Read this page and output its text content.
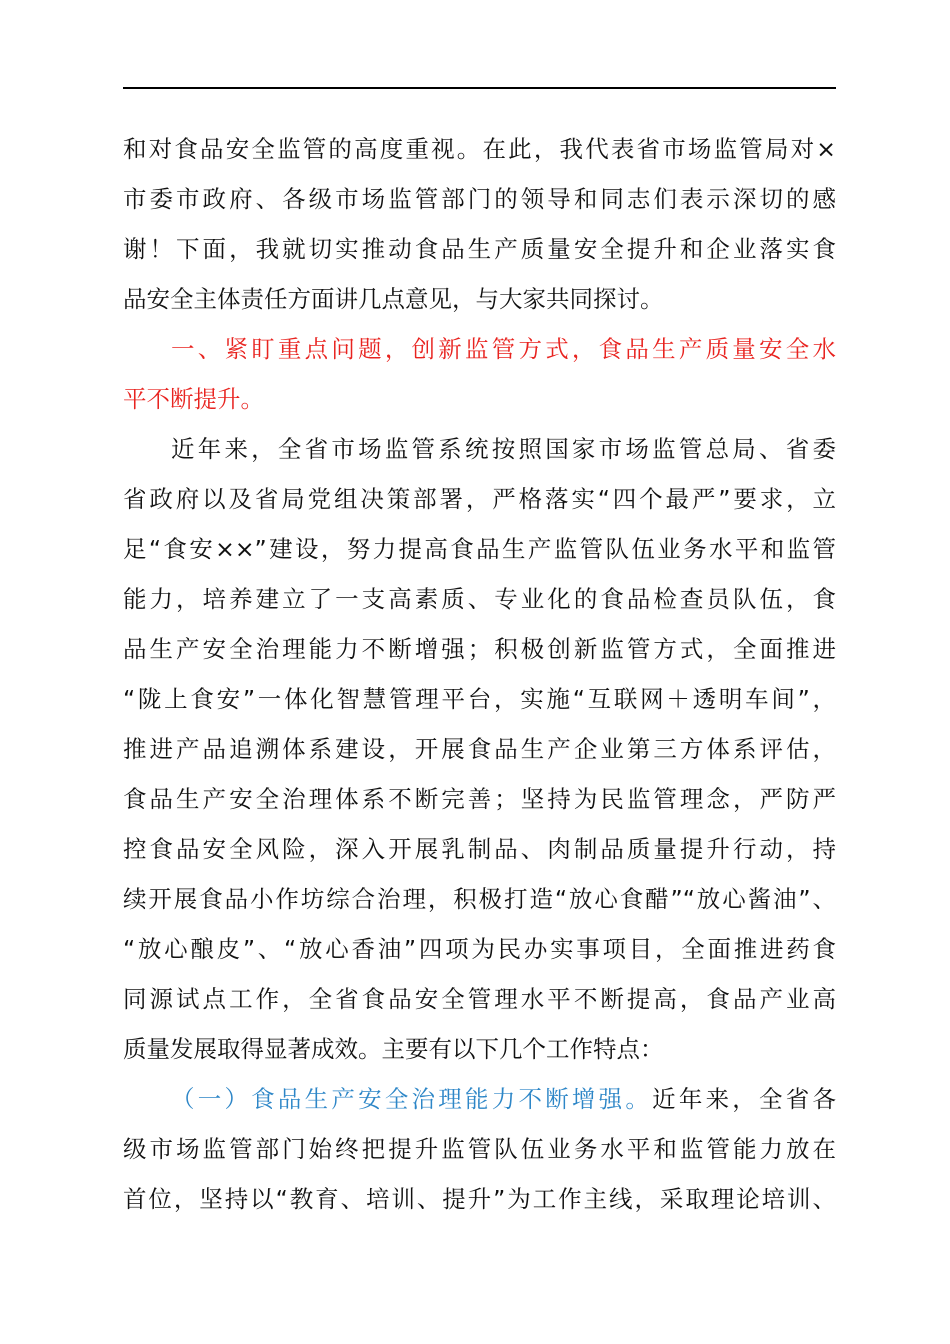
和对食品安全监管的高度重视。在此，我代表省市场监管局对×
市委市政府、各级市场监管部门的领导和同志们表示深切的感
谢！下面，我就切实推动食品生产质量安全提升和企业落实食
品安全主体责任方面讲几点意见，与大家共同探讨。
一、紧盯重点问题，创新监管方式，食品生产质量安全水
平不断提升。
近年来，全省市场监管系统按照国家市场监管总局、省委
省政府以及省局党组决策部署，严格落实“四个最严”要求，立
足“食安××”建设，努力提高食品生产监管队伍业务水平和监管
能力，培养建立了一支高素质、专业化的食品检查员队伍，食
品生产安全治理能力不断增强；积极创新监管方式，全面推进
“陇上食安”一体化智慧管理平台，实施“互联网＋透明车间”，
推进产品追溯体系建设，开展食品生产企业第三方体系评估，
食品生产安全治理体系不断完善；坚持为民监管理念，严防严
控食品安全风险，深入开展乳制品、肉制品质量提升行动，持
续开展食品小作坊综合治理，积极打造“放心食醋”“放心酱油”、
“放心酿皮”、“放心香油”四项为民办实事项目，全面推进药食
同源试点工作，全省食品安全管理水平不断提高，食品产业高
质量发展取得显著成效。主要有以下几个工作特点：
（一）食品生产安全治理能力不断增强。近年来，全省各
级市场监管部门始终把提升监管队伍业务水平和监管能力放在
首位，坚持以“教育、培训、提升”为工作主线，采取理论培训、
